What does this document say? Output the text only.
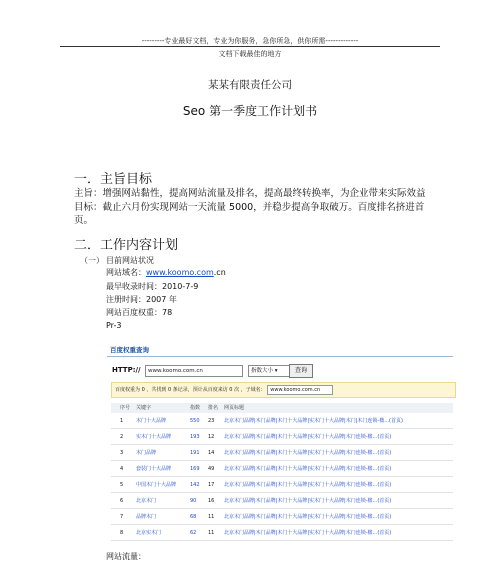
---------专业最好文档，专业为你服务，急你所急，供你所需-------------
文档下载最佳的地方
某某有限责任公司
Seo 第一季度工作计划书
一．主旨目标
主旨：增强网站黏性，提高网站流量及排名，提高最终转换率，为企业带来实际效益
目标：截止六月份实现网站一天流量 5000，并稳步提高争取破万。百度排名挤进首页。
二．工作内容计划
（一） 目前网站状况
网站域名：www.koomo.com.cn
最早收录时间：2010-7-9
注册时间：2007 年
网站百度权重：78
Pr-3
百度权重查询
HTTP://	www.koomo.com.cn	指数大小 ▾	查询
百度权重为 0 ，共找到 0 条记录，预计从百度来访 0 次 ，子域名： www.koomo.com.cn
序号 关键字	指数 排名 网页标题
1	木门十大品牌	550 23 北京木门品牌|木门品牌|木门十大品牌|实木门十大品牌|木门|木门连锁-楹...(首页)
2	实木门十大品牌	193 12 北京木门品牌|木门品牌|木门十大品牌|实木门十大品牌|木门连锁-楹...(首页)
3	木门品牌	191 14 北京木门品牌|木门品牌|木门十大品牌|实木门十大品牌|木门连锁-楹...(首页)
4	套装门十大品牌	169 49 北京木门品牌|木门品牌|木门十大品牌|实木门十大品牌|木门连锁-楹...(首页)
5	中国木门十大品牌	142 17 北京木门品牌|木门品牌|木门十大品牌|实木门十大品牌|木门连锁-楹...(首页)
6	北京木门	90 16 北京木门品牌|木门品牌|木门十大品牌|实木门十大品牌|木门连锁-楹...(首页)
7	品牌木门	68 11 北京木门品牌|木门品牌|木门十大品牌|实木门十大品牌|木门连锁-楹...(首页)
8	北京实木门	62 11 北京木门品牌|木门品牌|木门十大品牌|实木门十大品牌|木门连锁-楹...(首页)
网站流量：
